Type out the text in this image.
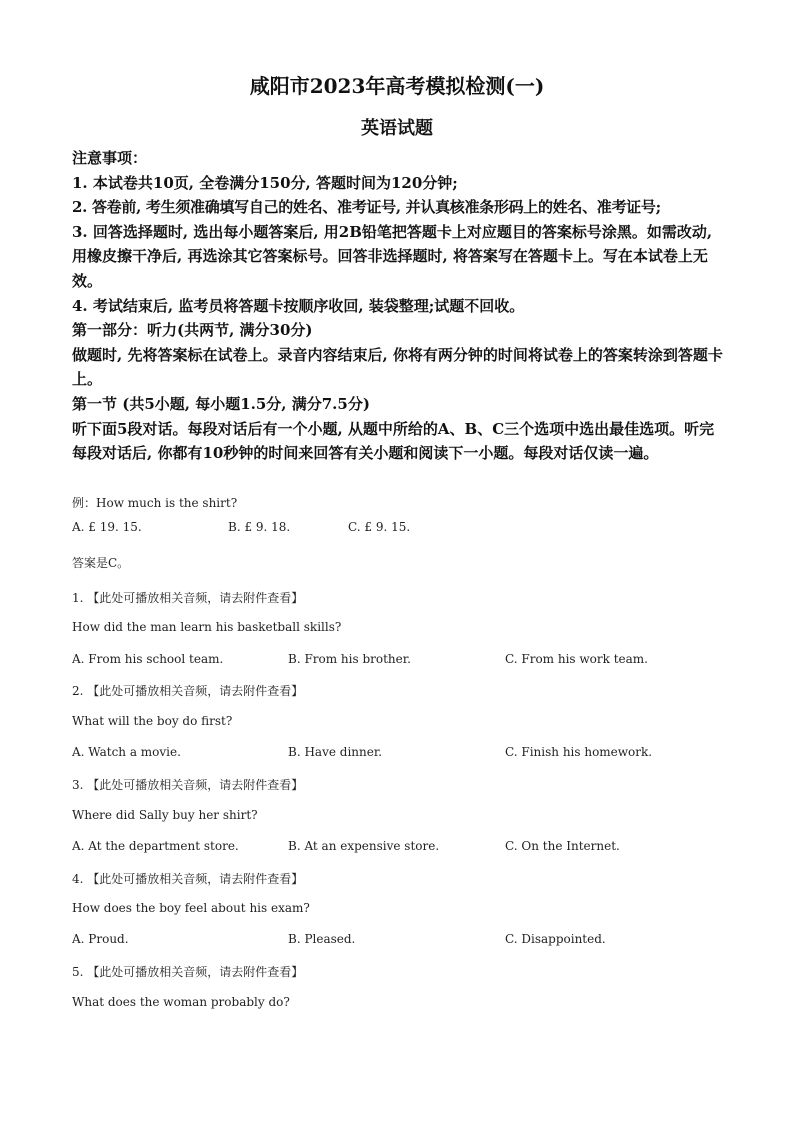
咸阳市2023年高考模拟检测(一)
英语试题

注意事项：

1. 本试卷共10页, 全卷满分150分, 答题时间为120分钟;

2. 答卷前, 考生须准确填写自己的姓名、准考证号, 并认真核准条形码上的姓名、准考证号;

3. 回答选择题时, 选出每小题答案后, 用2B铅笔把答题卡上对应题目的答案标号涂黑。如需改动, 用橡皮擦干净后, 再选涂其它答案标号。回答非选择题时, 将答案写在答题卡上。写在本试卷上无效。

4. 考试结束后, 监考员将答题卡按顺序收回, 装袋整理;试题不回收。

第一部分：听力(共两节, 满分30分)

做题时, 先将答案标在试卷上。录音内容结束后, 你将有两分钟的时间将试卷上的答案转涂到答题卡上。

第一节 (共5小题, 每小题1.5分, 满分7.5分)

听下面5段对话。每段对话后有一个小题, 从题中所给的A、B、C三个选项中选出最佳选项。听完每段对话后, 你都有10秒钟的时间来回答有关小题和阅读下一小题。每段对话仅读一遍。

例：How much is the shirt?
A. £ 19. 15.	B. £ 9. 18.	C. £ 9. 15.
答案是C。
1. 【此处可播放相关音频，请去附件查看】
How did the man learn his basketball skills?
A. From his school team.	B. From his brother.	C. From his work team.
2. 【此处可播放相关音频，请去附件查看】
What will the boy do first?
A. Watch a movie.	B. Have dinner.	C. Finish his homework.
3. 【此处可播放相关音频，请去附件查看】
Where did Sally buy her shirt?
A. At the department store.	B. At an expensive store.	C. On the Internet.
4. 【此处可播放相关音频，请去附件查看】
How does the boy feel about his exam?
A. Proud.	B. Pleased.	C. Disappointed.
5. 【此处可播放相关音频，请去附件查看】
What does the woman probably do?
